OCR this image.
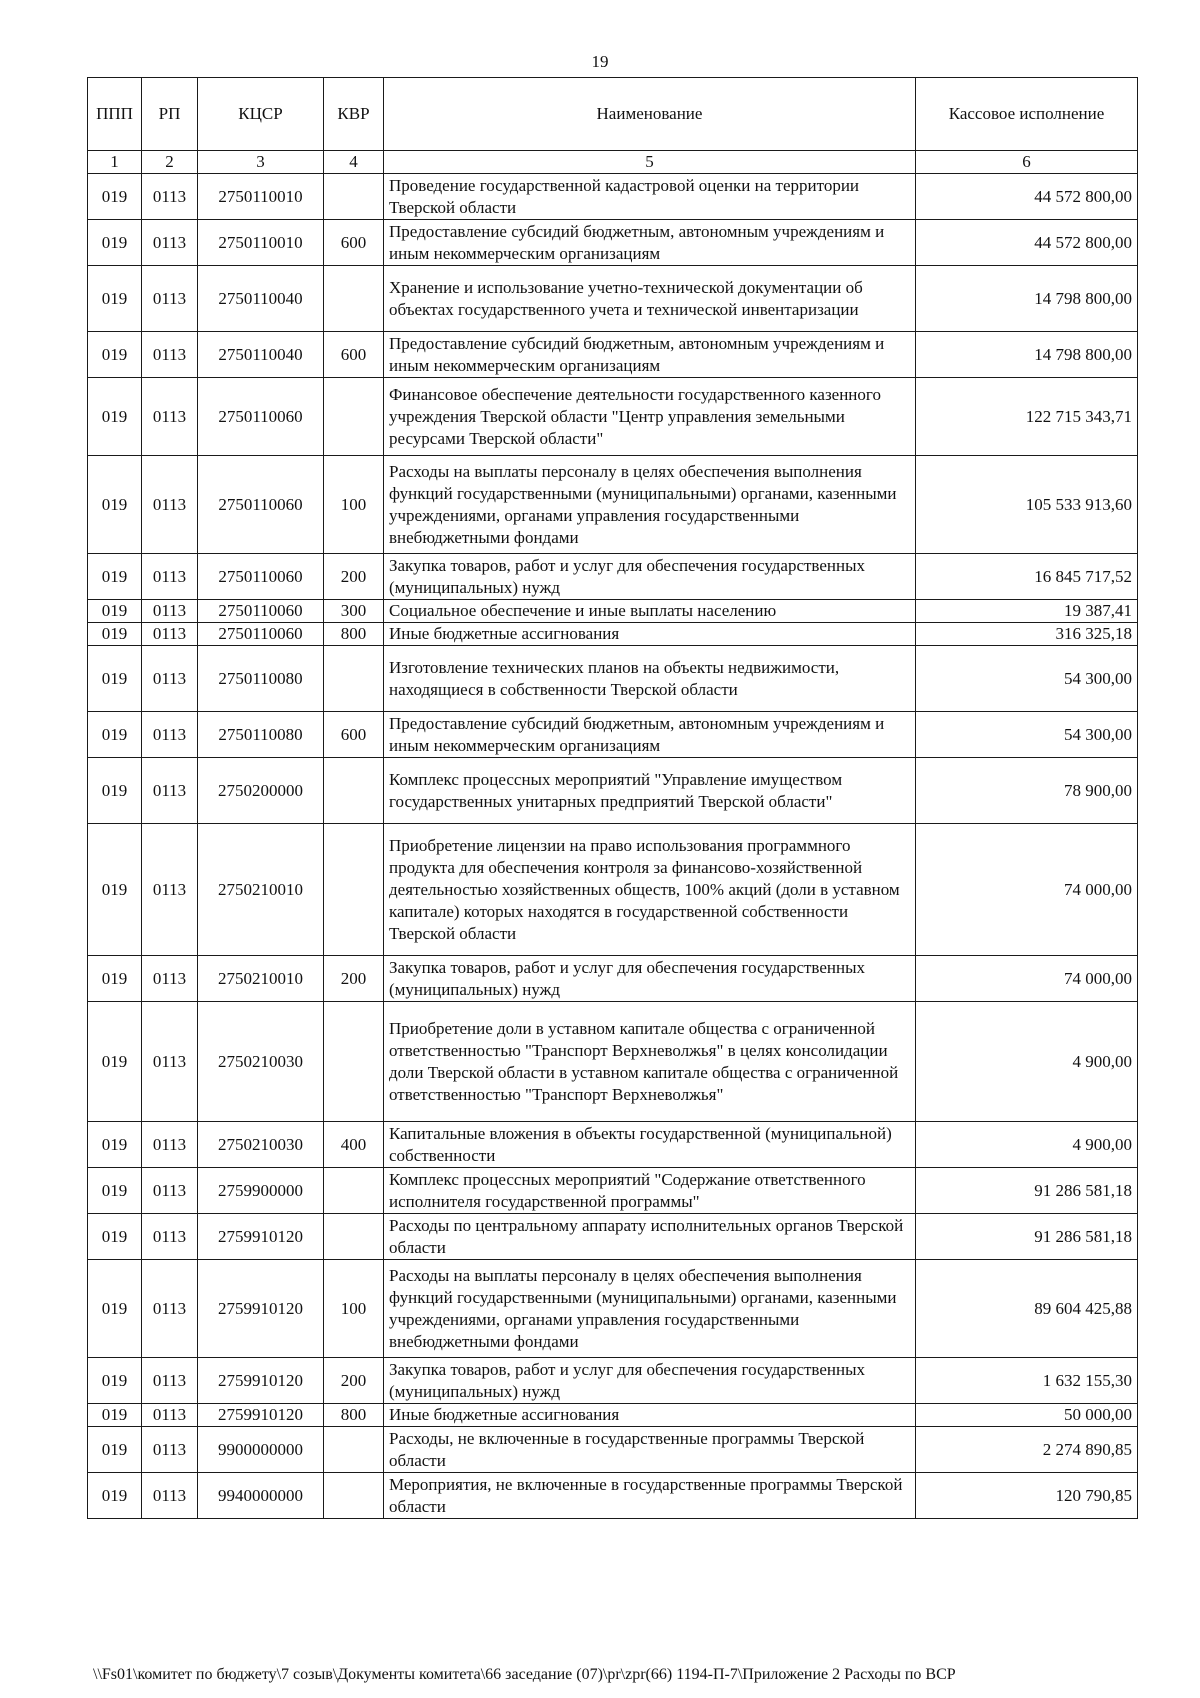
19
ППП	РП	КЦСР	КВР	Наименование	Кассовое исполнение
1	2	3	4	5	6
019	0113	2750110010		Проведение государственной кадастровой оценки на территории Тверской области	44 572 800,00
019	0113	2750110010	600	Предоставление субсидий бюджетным, автономным учреждениям и иным некоммерческим организациям	44 572 800,00
019	0113	2750110040		Хранение и использование учетно-технической документации об объектах государственного учета и технической инвентаризации	14 798 800,00
019	0113	2750110040	600	Предоставление субсидий бюджетным, автономным учреждениям и иным некоммерческим организациям	14 798 800,00
019	0113	2750110060		Финансовое обеспечение деятельности государственного казенного учреждения Тверской области "Центр управления земельными ресурсами Тверской области"	122 715 343,71
019	0113	2750110060	100	Расходы на выплаты персоналу в целях обеспечения выполнения функций государственными (муниципальными) органами, казенными учреждениями, органами управления государственными внебюджетными фондами	105 533 913,60
019	0113	2750110060	200	Закупка товаров, работ и услуг для обеспечения государственных (муниципальных) нужд	16 845 717,52
019	0113	2750110060	300	Социальное обеспечение и иные выплаты населению	19 387,41
019	0113	2750110060	800	Иные бюджетные ассигнования	316 325,18
019	0113	2750110080		Изготовление технических планов на объекты недвижимости, находящиеся в собственности Тверской области	54 300,00
019	0113	2750110080	600	Предоставление субсидий бюджетным, автономным учреждениям и иным некоммерческим организациям	54 300,00
019	0113	2750200000		Комплекс процессных мероприятий "Управление имуществом государственных унитарных предприятий Тверской области"	78 900,00
019	0113	2750210010		Приобретение лицензии на право использования программного продукта для обеспечения контроля за финансово-хозяйственной деятельностью хозяйственных обществ, 100% акций (доли в уставном капитале) которых находятся в государственной собственности Тверской области	74 000,00
019	0113	2750210010	200	Закупка товаров, работ и услуг для обеспечения государственных (муниципальных) нужд	74 000,00
019	0113	2750210030		Приобретение доли в уставном капитале общества с ограниченной ответственностью "Транспорт Верхневолжья" в целях консолидации доли Тверской области в уставном капитале общества с ограниченной ответственностью "Транспорт Верхневолжья"	4 900,00
019	0113	2750210030	400	Капитальные вложения в объекты государственной (муниципальной) собственности	4 900,00
019	0113	2759900000		Комплекс процессных мероприятий "Содержание ответственного исполнителя государственной программы"	91 286 581,18
019	0113	2759910120		Расходы по центральному аппарату исполнительных органов Тверской области	91 286 581,18
019	0113	2759910120	100	Расходы на выплаты персоналу в целях обеспечения выполнения функций государственными (муниципальными) органами, казенными учреждениями, органами управления государственными внебюджетными фондами	89 604 425,88
019	0113	2759910120	200	Закупка товаров, работ и услуг для обеспечения государственных (муниципальных) нужд	1 632 155,30
019	0113	2759910120	800	Иные бюджетные ассигнования	50 000,00
019	0113	9900000000		Расходы, не включенные в государственные программы Тверской области	2 274 890,85
019	0113	9940000000		Мероприятия, не включенные в государственные программы Тверской области	120 790,85
\\Fs01\комитет по бюджету\7 созыв\Документы комитета\66 заседание (07)\pr\zpr(66) 1194-П-7\Приложение 2 Расходы по ВСР
